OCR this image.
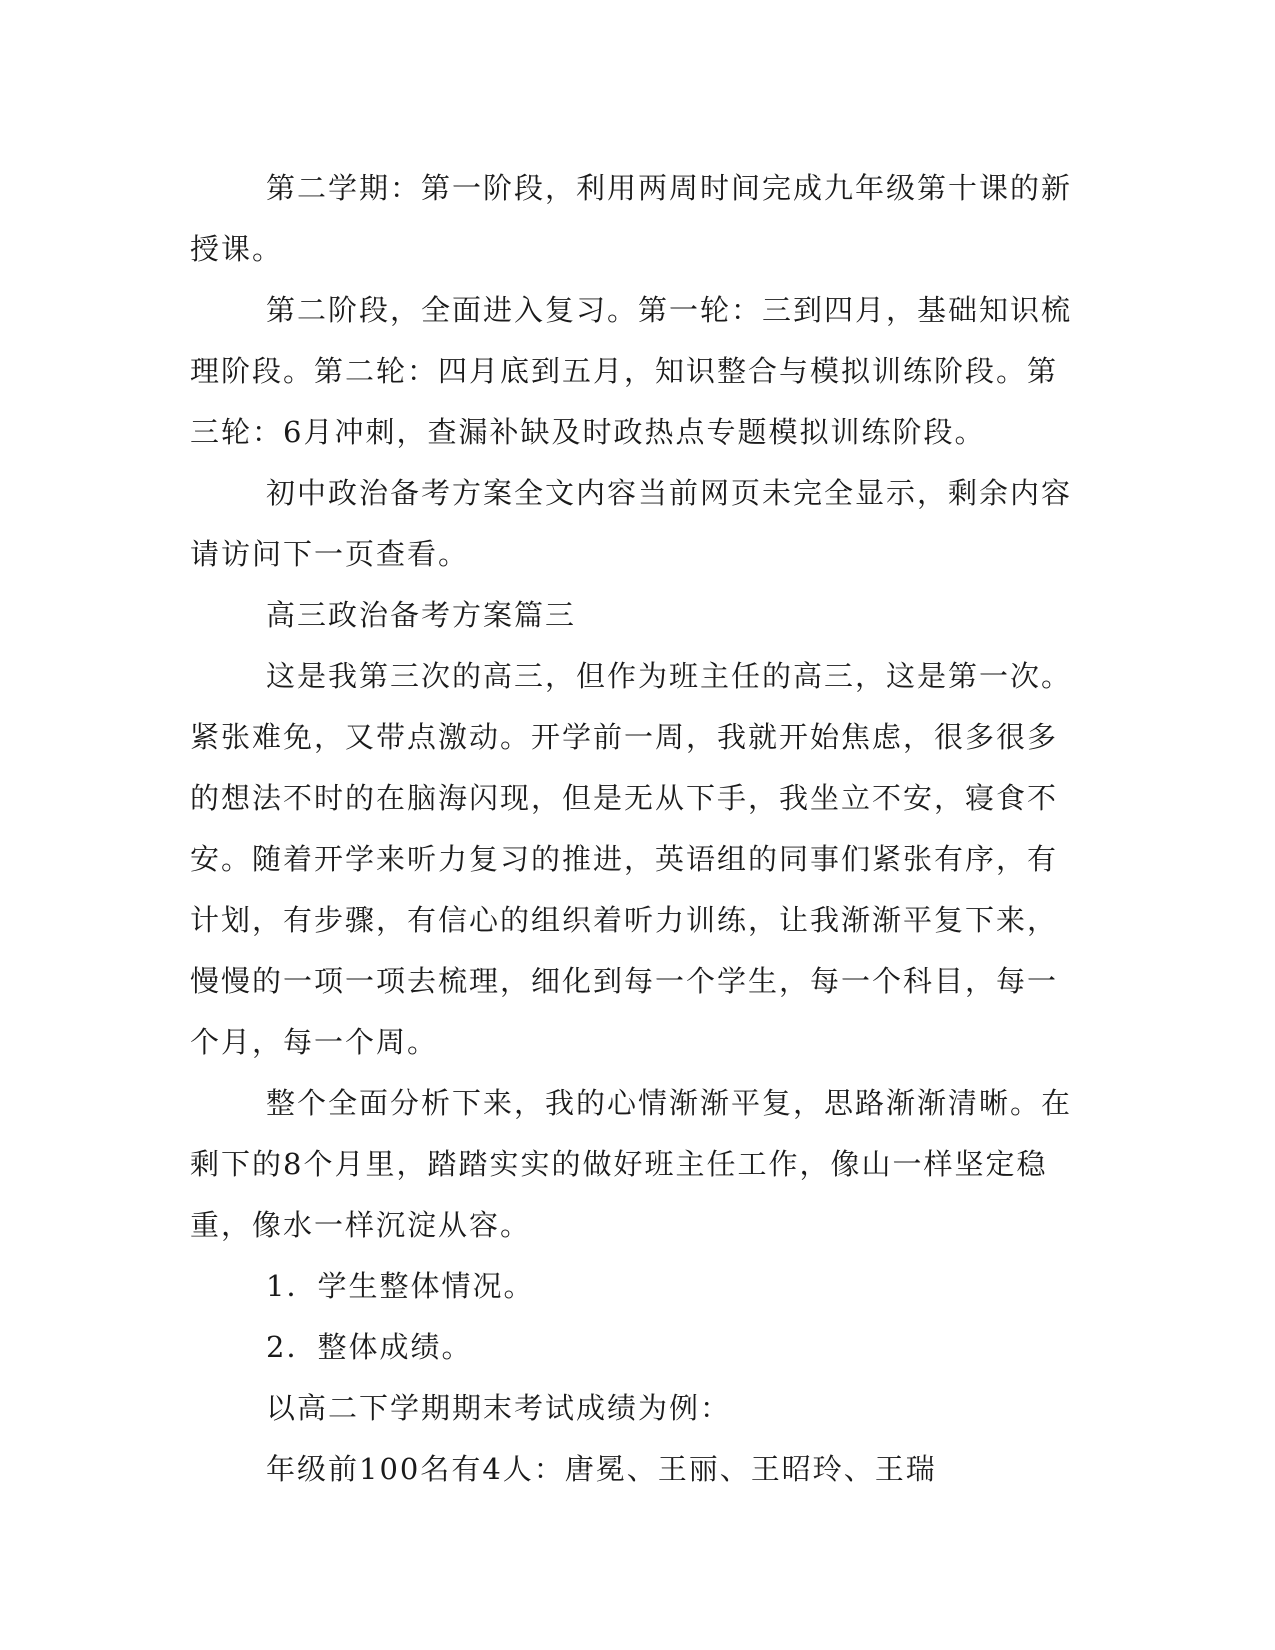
第二学期：第一阶段，利用两周时间完成九年级第十课的新授课。

第二阶段，全面进入复习。第一轮：三到四月，基础知识梳理阶段。第二轮：四月底到五月，知识整合与模拟训练阶段。第三轮：6月冲刺，查漏补缺及时政热点专题模拟训练阶段。

初中政治备考方案全文内容当前网页未完全显示，剩余内容请访问下一页查看。

高三政治备考方案篇三

这是我第三次的高三，但作为班主任的高三，这是第一次。紧张难免，又带点激动。开学前一周，我就开始焦虑，很多很多的想法不时的在脑海闪现，但是无从下手，我坐立不安，寝食不安。随着开学来听力复习的推进，英语组的同事们紧张有序，有计划，有步骤，有信心的组织着听力训练，让我渐渐平复下来，慢慢的一项一项去梳理，细化到每一个学生，每一个科目，每一个月，每一个周。

整个全面分析下来，我的心情渐渐平复，思路渐渐清晰。在剩下的8个月里，踏踏实实的做好班主任工作，像山一样坚定稳重，像水一样沉淀从容。

1．学生整体情况。

2．整体成绩。

以高二下学期期末考试成绩为例：

年级前100名有4人：唐冕、王丽、王昭玲、王瑞
